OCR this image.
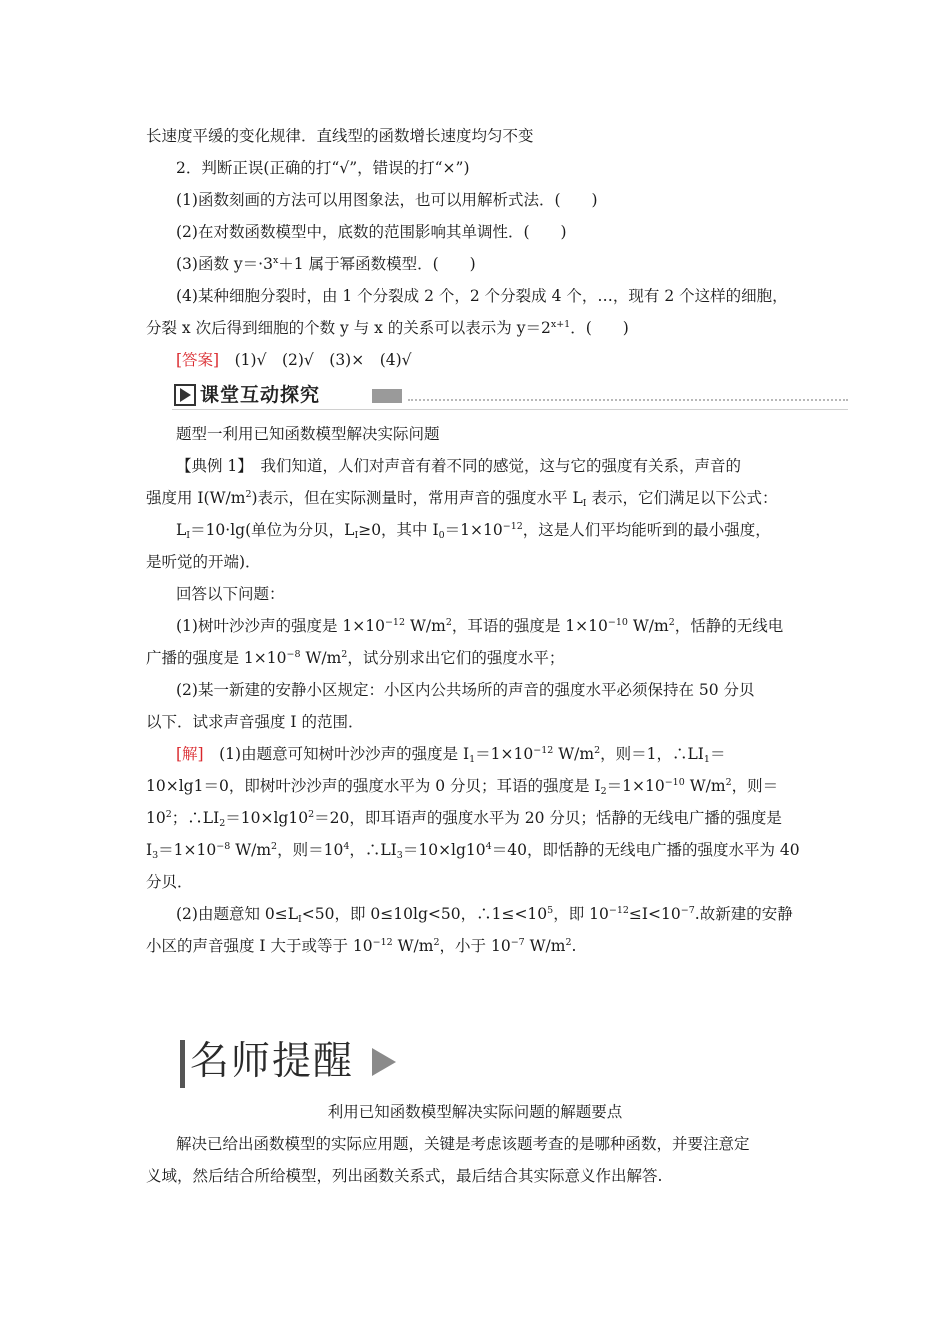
长速度平缓的变化规律．直线型的函数增长速度均匀不变
2．判断正误(正确的打“√”，错误的打“×”)
(1)函数刻画的方法可以用图象法，也可以用解析式法．(　　)
(2)在对数函数模型中，底数的范围影响其单调性．(　　)
(3)函数 $y=\cdot 3^x+1$ 属于幂函数模型．(　　)
(4)某种细胞分裂时，由 1 个分裂成 2 个，2 个分裂成 4 个，…，现有 2 个这样的细胞，
分裂 x 次后得到细胞的个数 y 与 x 的关系可以表示为 $y=2^{x+1}$．(　　)
[答案]　(1)√　(2)√　(3)×　(4)√
课堂互动探究
题型一利用已知函数模型解决实际问题
【典例 1】　我们知道，人们对声音有着不同的感觉，这与它的强度有关系，声音的
强度用 $I(W/m^2)$表示，但在实际测量时，常用声音的强度水平 $L_I$ 表示，它们满足以下公式：
$L_I=10\cdot\lg$(单位为分贝，$L_I\ge 0$，其中 $I_0=1\times 10^{-12}$，这是人们平均能听到的最小强度，
是听觉的开端)．
回答以下问题：
(1)树叶沙沙声的强度是 $1\times 10^{-12}$ $W/m^2$，耳语的强度是 $1\times 10^{-10}$ $W/m^2$，恬静的无线电
广播的强度是 $1\times 10^{-8}$ $W/m^2$，试分别求出它们的强度水平；
(2)某一新建的安静小区规定：小区内公共场所的声音的强度水平必须保持在 50 分贝
以下．试求声音强度 I 的范围．
[解]　(1)由题意可知树叶沙沙声的强度是 $I_1=1\times 10^{-12}$ $W/m^2$，则＝1，$\therefore LI_1=$
10×lg1＝0，即树叶沙沙声的强度水平为 0 分贝；耳语的强度是 $I_2=1\times 10^{-10}$ $W/m^2$，则＝
$10^2$；$\therefore LI_2=10\times\lg 10^2=20$，即耳语声的强度水平为 20 分贝；恬静的无线电广播的强度是
$I_3=1\times 10^{-8}$ $W/m^2$，则$=10^4$，$\therefore LI_3=10\times\lg 10^4=40$，即恬静的无线电广播的强度水平为 40
分贝．
(2)由题意知 $0\le L_I<50$，即 0≤10lg<50，$\therefore 1\le<10^5$，即 $10^{-12}\le I<10^{-7}$.故新建的安静
小区的声音强度 I 大于或等于 $10^{-12}$ $W/m^2$，小于 $10^{-7}$ $W/m^2$.
名师提醒
利用已知函数模型解决实际问题的解题要点
解决已给出函数模型的实际应用题，关键是考虑该题考查的是哪种函数，并要注意定
义域，然后结合所给模型，列出函数关系式，最后结合其实际意义作出解答.
